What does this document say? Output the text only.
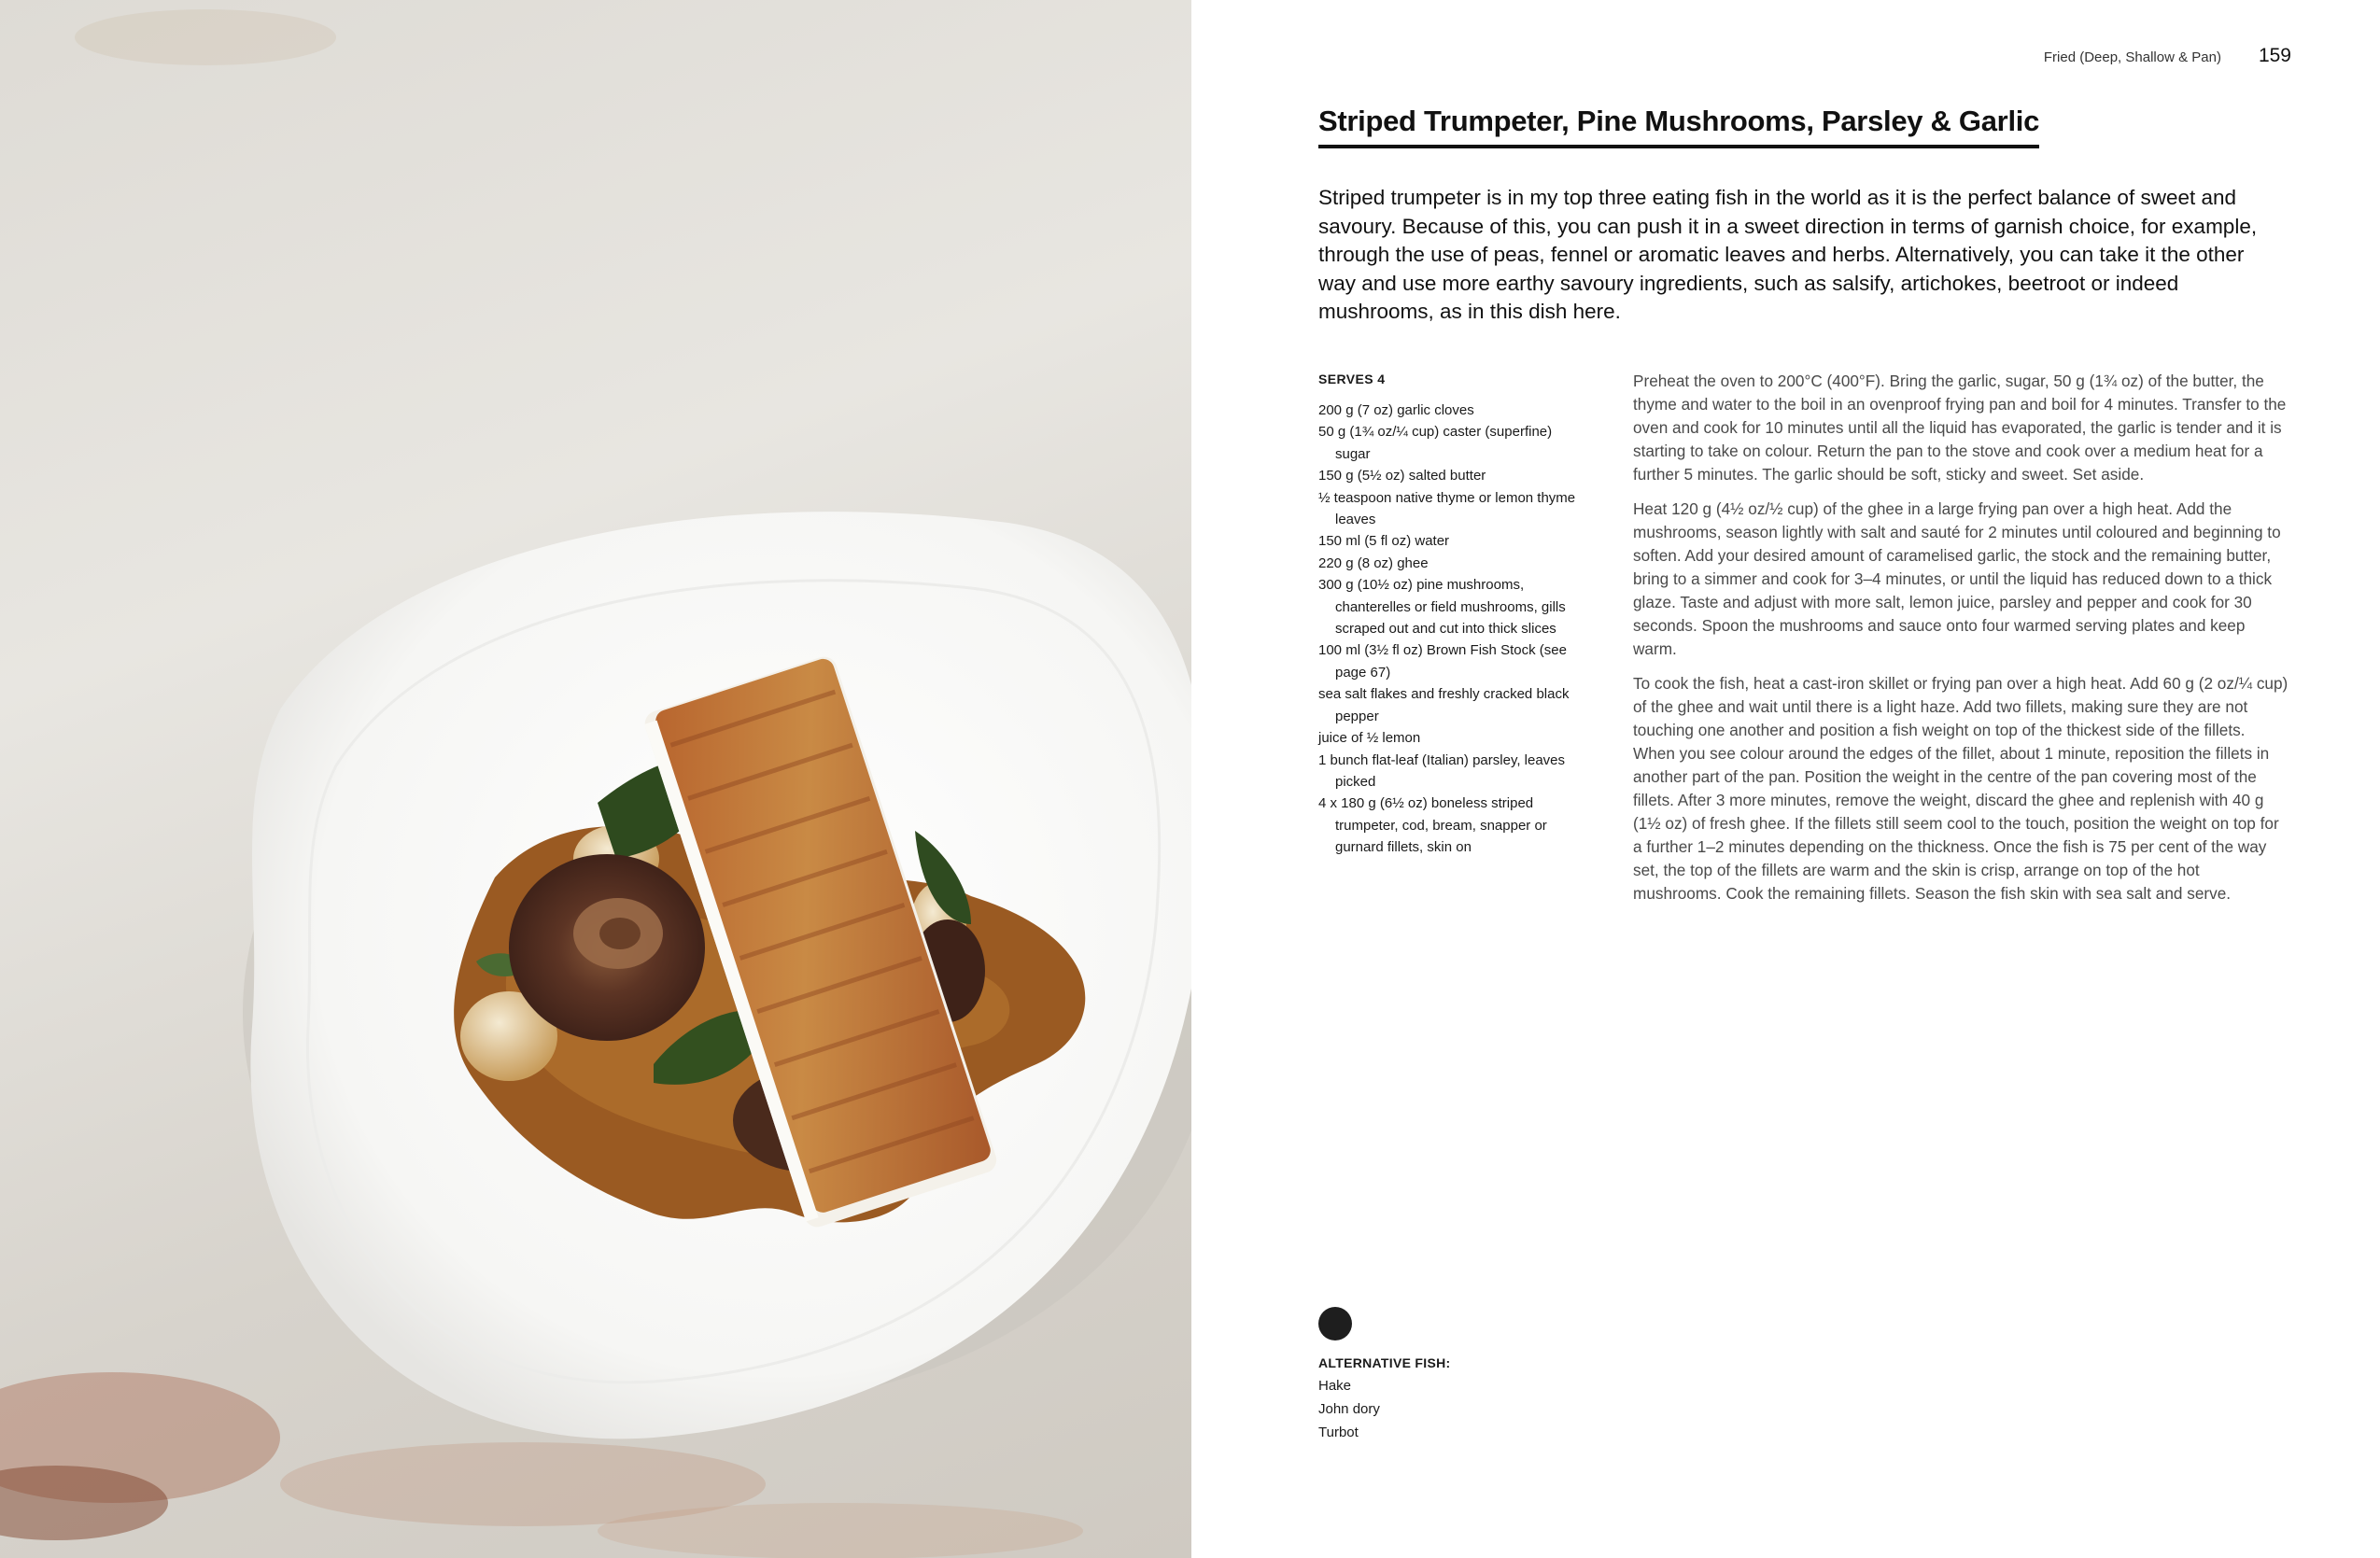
Fried (Deep, Shallow & Pan) 159
Striped Trumpeter, Pine Mushrooms, Parsley & Garlic

Striped trumpeter is in my top three eating fish in the world as it is the perfect balance of sweet and savoury. Because of this, you can push it in a sweet direction in terms of garnish choice, for example, through the use of peas, fennel or aromatic leaves and herbs. Alternatively, you can take it the other way and use more earthy savoury ingredients, such as salsify, artichokes, beetroot or indeed mushrooms, as in this dish here.

SERVES 4
200 g (7 oz) garlic cloves
50 g (1¾ oz/¼ cup) caster (superfine) sugar
150 g (5½ oz) salted butter
½ teaspoon native thyme or lemon thyme leaves
150 ml (5 fl oz) water
220 g (8 oz) ghee
300 g (10½ oz) pine mushrooms, chanterelles or field mushrooms, gills scraped out and cut into thick slices
100 ml (3½ fl oz) Brown Fish Stock (see page 67)
sea salt flakes and freshly cracked black pepper
juice of ½ lemon
1 bunch flat-leaf (Italian) parsley, leaves picked
4 x 180 g (6½ oz) boneless striped trumpeter, cod, bream, snapper or gurnard fillets, skin on

Preheat the oven to 200°C (400°F). Bring the garlic, sugar, 50 g (1¾ oz) of the butter, the thyme and water to the boil in an ovenproof frying pan and boil for 4 minutes. Transfer to the oven and cook for 10 minutes until all the liquid has evaporated, the garlic is tender and it is starting to take on colour. Return the pan to the stove and cook over a medium heat for a further 5 minutes. The garlic should be soft, sticky and sweet. Set aside.

Heat 120 g (4½ oz/½ cup) of the ghee in a large frying pan over a high heat. Add the mushrooms, season lightly with salt and sauté for 2 minutes until coloured and beginning to soften. Add your desired amount of caramelised garlic, the stock and the remaining butter, bring to a simmer and cook for 3–4 minutes, or until the liquid has reduced down to a thick glaze. Taste and adjust with more salt, lemon juice, parsley and pepper and cook for 30 seconds. Spoon the mushrooms and sauce onto four warmed serving plates and keep warm.

To cook the fish, heat a cast-iron skillet or frying pan over a high heat. Add 60 g (2 oz/¼ cup) of the ghee and wait until there is a light haze. Add two fillets, making sure they are not touching one another and position a fish weight on top of the thickest side of the fillets. When you see colour around the edges of the fillet, about 1 minute, reposition the fillets in another part of the pan. Position the weight in the centre of the pan covering most of the fillets. After 3 more minutes, remove the weight, discard the ghee and replenish with 40 g (1½ oz) of fresh ghee. If the fillets still seem cool to the touch, position the weight on top for a further 1–2 minutes depending on the thickness. Once the fish is 75 per cent of the way set, the top of the fillets are warm and the skin is crisp, arrange on top of the hot mushrooms. Cook the remaining fillets. Season the fish skin with sea salt and serve.

ALTERNATIVE FISH:
Hake
John dory
Turbot
